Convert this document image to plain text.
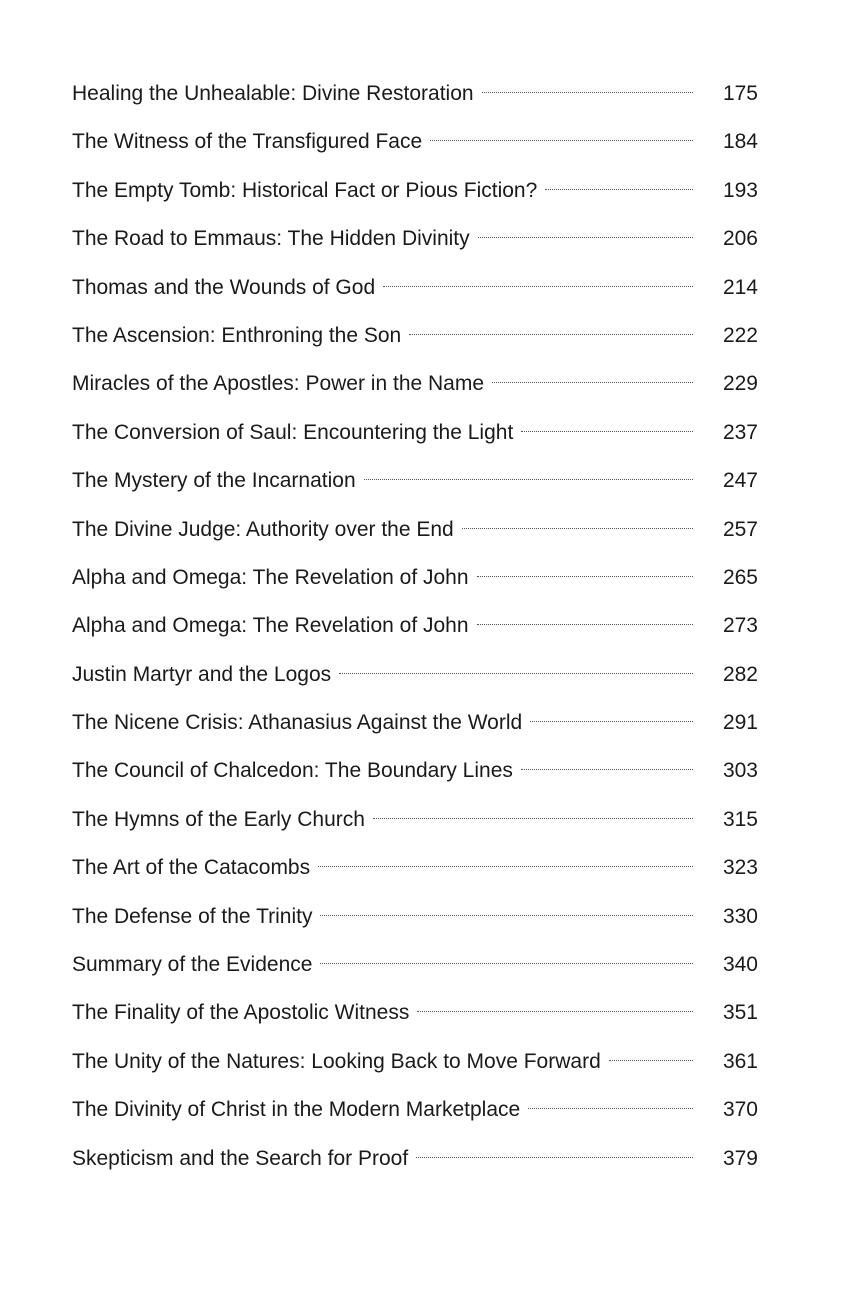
Healing the Unhealable: Divine Restoration	175
The Witness of the Transfigured Face	184
The Empty Tomb: Historical Fact or Pious Fiction?	193
The Road to Emmaus: The Hidden Divinity	206
Thomas and the Wounds of God	214
The Ascension: Enthroning the Son	222
Miracles of the Apostles: Power in the Name	229
The Conversion of Saul: Encountering the Light	237
The Mystery of the Incarnation	247
The Divine Judge: Authority over the End	257
Alpha and Omega: The Revelation of John	265
Alpha and Omega: The Revelation of John	273
Justin Martyr and the Logos	282
The Nicene Crisis: Athanasius Against the World	291
The Council of Chalcedon: The Boundary Lines	303
The Hymns of the Early Church	315
The Art of the Catacombs	323
The Defense of the Trinity	330
Summary of the Evidence	340
The Finality of the Apostolic Witness	351
The Unity of the Natures: Looking Back to Move Forward	361
The Divinity of Christ in the Modern Marketplace	370
Skepticism and the Search for Proof	379
